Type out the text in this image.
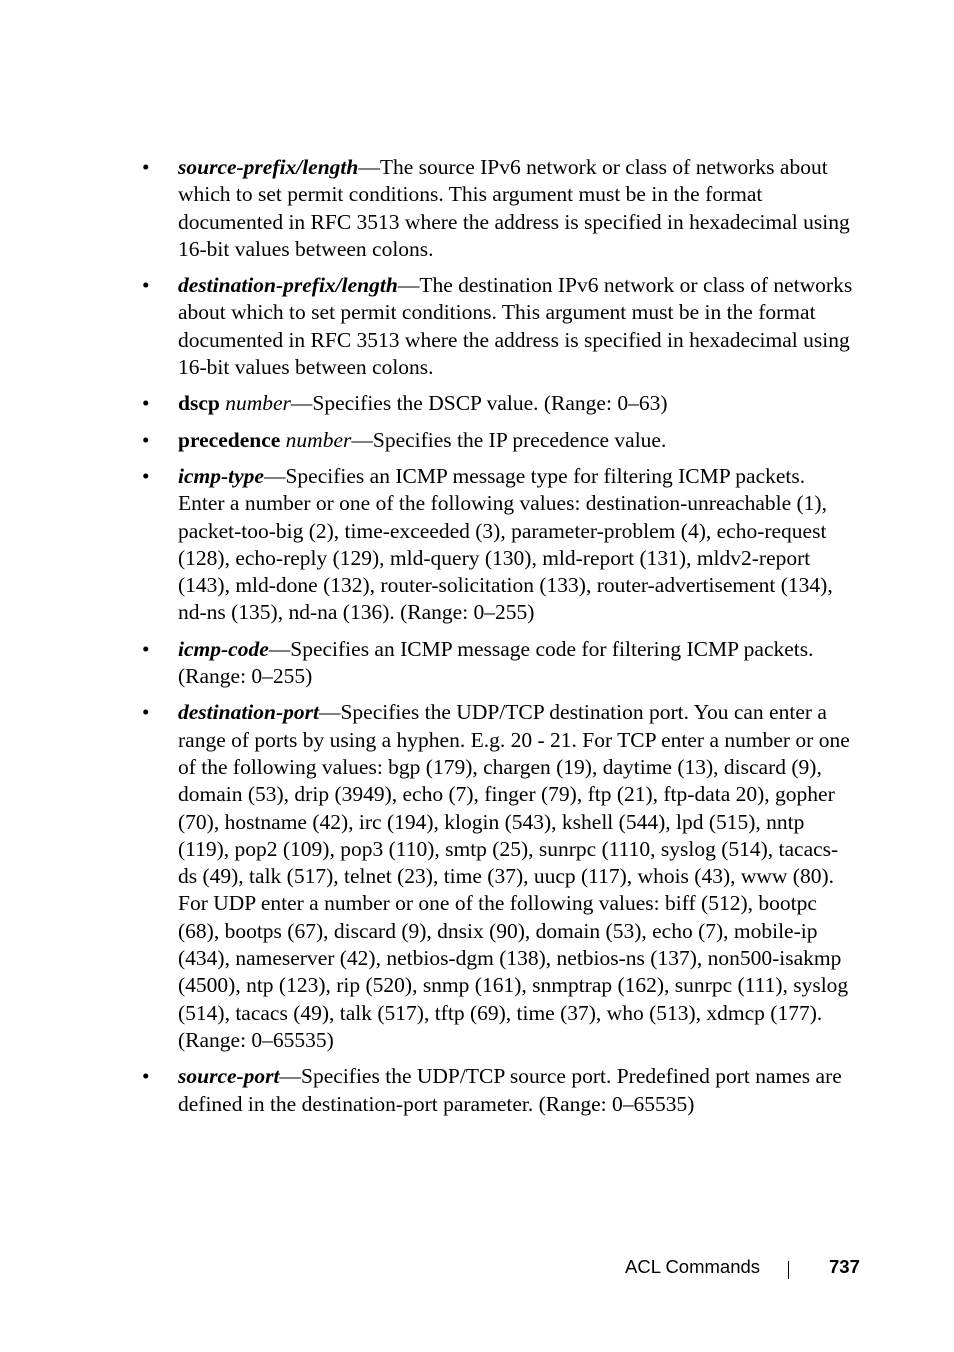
• source-prefix/length—The source IPv6 network or class of networks about which to set permit conditions. This argument must be in the format documented in RFC 3513 where the address is specified in hexadecimal using 16-bit values between colons.
• destination-prefix/length—The destination IPv6 network or class of networks about which to set permit conditions. This argument must be in the format documented in RFC 3513 where the address is specified in hexadecimal using 16-bit values between colons.
• dscp number—Specifies the DSCP value. (Range: 0–63)
• precedence number—Specifies the IP precedence value.
• icmp-type—Specifies an ICMP message type for filtering ICMP packets. Enter a number or one of the following values: destination-unreachable (1), packet-too-big (2), time-exceeded (3), parameter-problem (4), echo-request (128), echo-reply (129), mld-query (130), mld-report (131), mldv2-report (143), mld-done (132), router-solicitation (133), router-advertisement (134), nd-ns (135), nd-na (136). (Range: 0–255)
• icmp-code—Specifies an ICMP message code for filtering ICMP packets. (Range: 0–255)
• destination-port—Specifies the UDP/TCP destination port. You can enter a range of ports by using a hyphen. E.g. 20 - 21. For TCP enter a number or one of the following values: bgp (179), chargen (19), daytime (13), discard (9), domain (53), drip (3949), echo (7), finger (79), ftp (21), ftp-data 20), gopher (70), hostname (42), irc (194), klogin (543), kshell (544), lpd (515), nntp (119), pop2 (109), pop3 (110), smtp (25), sunrpc (1110, syslog (514), tacacs-ds (49), talk (517), telnet (23), time (37), uucp (117), whois (43), www (80). For UDP enter a number or one of the following values: biff (512), bootpc (68), bootps (67), discard (9), dnsix (90), domain (53), echo (7), mobile-ip (434), nameserver (42), netbios-dgm (138), netbios-ns (137), non500-isakmp (4500), ntp (123), rip (520), snmp (161), snmptrap (162), sunrpc (111), syslog (514), tacacs (49), talk (517), tftp (69), time (37), who (513), xdmcp (177). (Range: 0–65535)
• source-port—Specifies the UDP/TCP source port. Predefined port names are defined in the destination-port parameter. (Range: 0–65535)
ACL Commands	737
